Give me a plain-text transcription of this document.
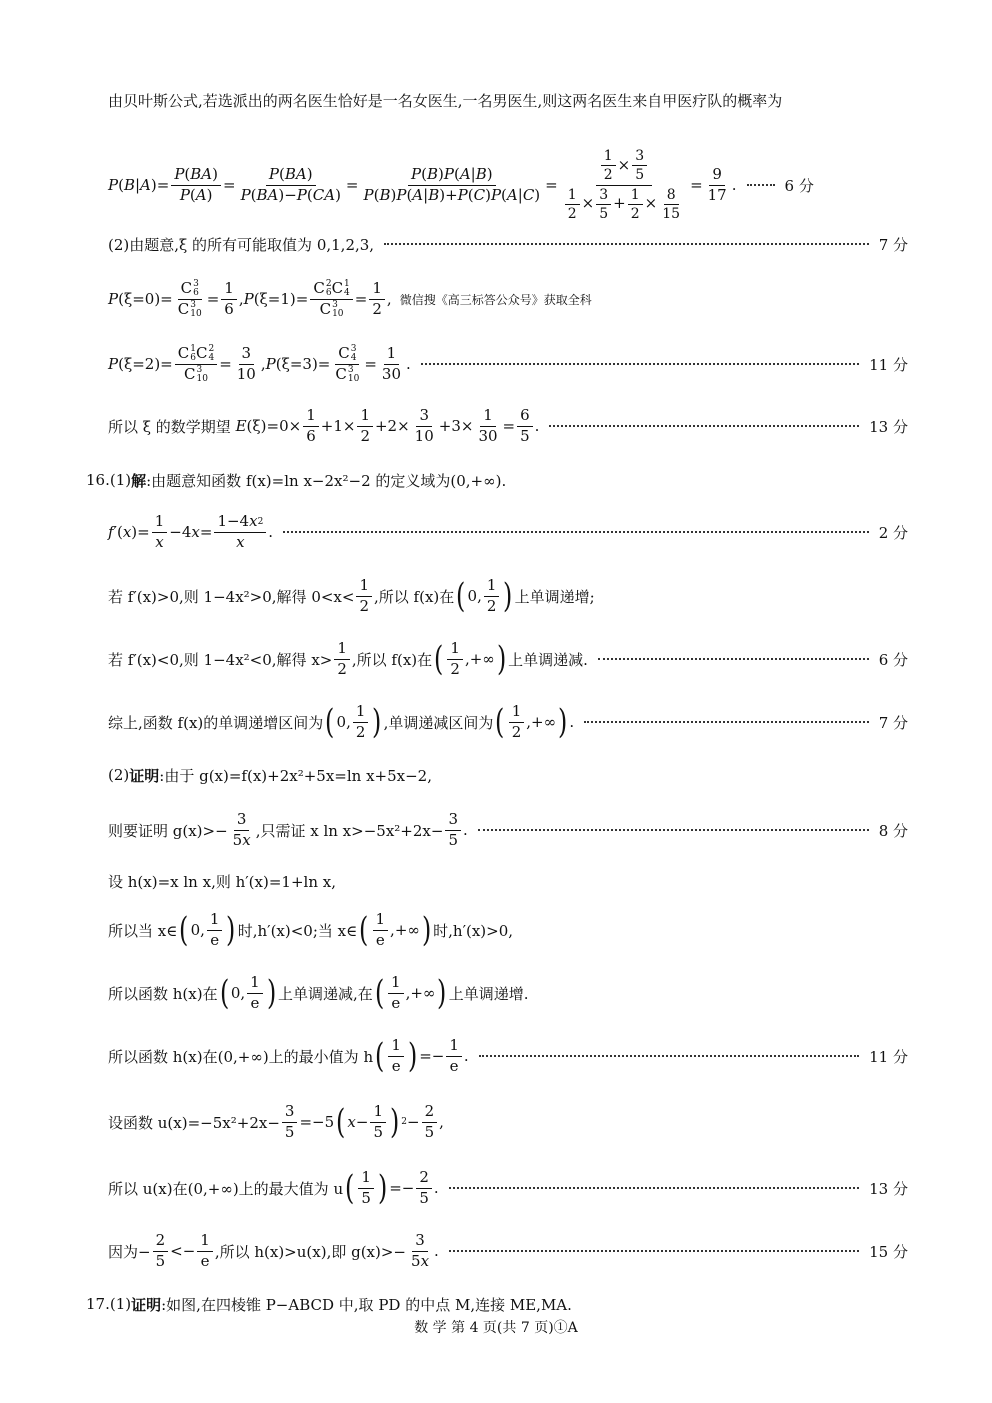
由贝叶斯公式,若选派出的两名医生恰好是一名女医生,一名男医生,则这两名医生来自甲医疗队的概率为
P ( B | A )=
P ( BA )
P ( A )
=
P ( BA )
P ( BA )− P ( CA )
=
P ( B ) P ( A | B )
P ( B ) P ( A | B )+ P ( C ) P ( A | C )
=
1
2
× 3
5
1
2
× 3
5
+ 1
2
× 8
15
=
9
17
.	6 分
(2)由题意,ξ 的所有可能取值为 0,1,2,3,	7 分
P (ξ=0)=
C 3
6
C 3
10
=
1
6
, P (ξ=1)=
C 2
6 C 1
4
C 3
10
=
1
2
, 微信搜《高三标答公众号》获取全科
P (ξ=2)=
C 1
6 C 2
4
C 3
10
=
3
10
, P (ξ=3)=
C 3
4
C 3
10
=
1
30
.	11 分
所以 ξ 的数学期望
E (ξ)=0×
1
6
+1×
1
2
+2×
3
10
+3×
1
30
=
6
5
.	13 分
16.(1) 解 :由题意知函数 f(x)=ln x−2x²−2 的定义域为(0,+∞).
f ′( x )=
1
x
−4 x =
1−4 x 2
x
.	2 分
若 f′(x)>0,则 1−4x²>0,解得 0<x<
1
2 ,所以 f(x)在 ( 0,
1
2 ) 上单调递增;
若 f′(x)<0,则 1−4x²<0,解得 x>
1
2 ,所以 f(x)在 ( 1
2
,+∞ ) 上单调递减.	6 分
综上,函数 f(x)的单调递增区间为 ( 0,
1
2 ) ,单调递减区间为 ( 1
2
,+∞ ) .	7 分
(2) 证明 :由于 g(x)=f(x)+2x²+5x=ln x+5x−2,
则要证明 $g(x)>- \frac{3}{5 x}$ ,只需证 x $\ln x>-5x^2+2x- \frac{3}{5}$ .	8 分
设 h(x)=x ln x,则 h′(x)=1+ln x,
所以当 x∈ ( 0,
1
e ) 时,h′(x)<0;当 x∈ ( 1
e
,+∞ ) 时,h′(x)>0,
所以函数 h(x)在 ( 0,
1
e ) 上单调递减,在 ( 1
e
,+∞ ) 上单调递增.
所以函数 h(x)在(0,+∞)上的最小值为 h ( 1
e ) =− $\frac{1}{e}$ .	11 分
设函数 $u(x)=-5x^2+2x- \frac{3}{5} =-5$ ( x −
1
5 ) $2 - \frac{2}{5}$ ,
所以 u(x)在(0,+∞)上的最大值为 u ( 1
5 ) =− $\frac{2}{5}$ .	13 分
因为− $\frac{2}{5} <- \frac{1}{e}$ ,所以 h(x)>u(x),即 $g(x)>- \frac{3}{5 x}$ .	15 分
17.(1) 证明 :如图,在四棱锥 P−ABCD 中,取 PD 的中点 M,连接 ME,MA.
数 学 第 4 页(共 7 页)①A
